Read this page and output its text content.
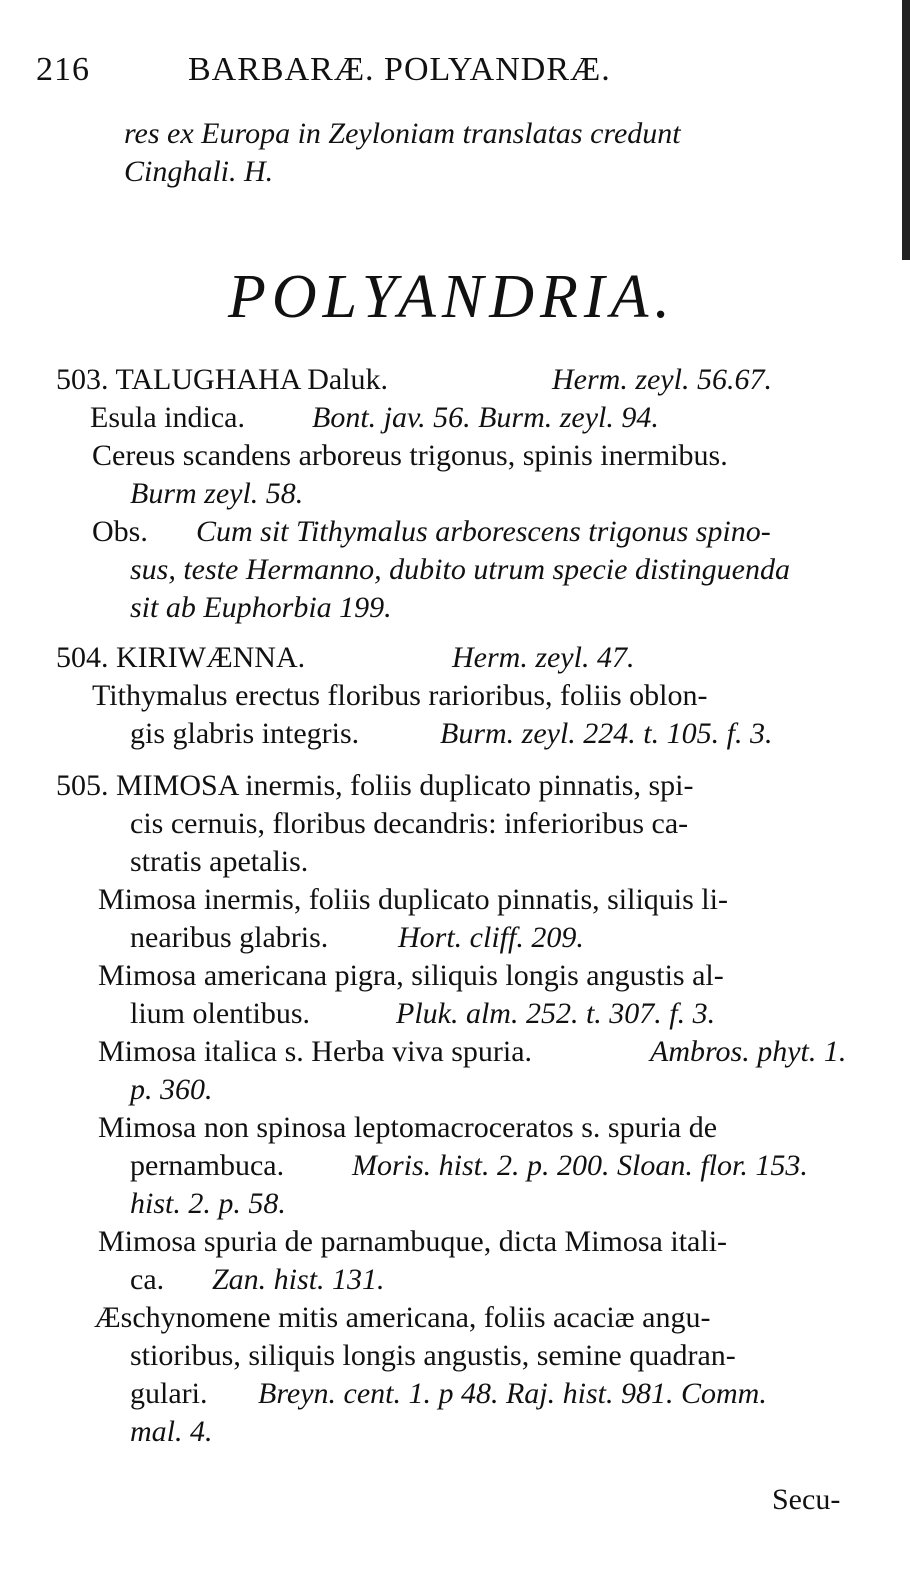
216	BARBARÆ. POLYANDRÆ.
res ex Europa in Zeyloniam translatas credunt
Cinghali. H.
POLYANDRIA.
503. TALUGHAHA Daluk.	Herm. zeyl. 56.67.
Esula indica. Bont. jav. 56. Burm. zeyl. 94.
Cereus scandens arboreus trigonus, spinis inermibus.
Burm zeyl. 58.
Obs. Cum sit Tithymalus arborescens trigonus spino-
sus, teste Hermanno, dubito utrum specie distinguenda
sit ab Euphorbia 199.
504. KIRIWÆNNA.	Herm. zeyl. 47.
Tithymalus erectus floribus rarioribus, foliis oblon-
gis glabris integris.	Burm. zeyl. 224. t. 105. f. 3.
505. MIMOSA inermis, foliis duplicato pinnatis, spi-
cis cernuis, floribus decandris: inferioribus ca-
stratis apetalis.
Mimosa inermis, foliis duplicato pinnatis, siliquis li-
nearibus glabris. Hort. cliff. 209.
Mimosa americana pigra, siliquis longis angustis al-
lium olentibus.	Pluk. alm. 252. t. 307. f. 3.
Mimosa italica s. Herba viva spuria.	Ambros. phyt. 1.
p. 360.
Mimosa non spinosa leptomacroceratos s. spuria de
pernambuca. Moris. hist. 2. p. 200. Sloan. flor. 153.
hist. 2. p. 58.
Mimosa spuria de parnambuque, dicta Mimosa itali-
ca. Zan. hist. 131.
Æschynomene mitis americana, foliis acaciæ angu-
stioribus, siliquis longis angustis, semine quadran-
gulari. Breyn. cent. 1. p 48. Raj. hist. 981. Comm.
mal. 4.
Secu-
